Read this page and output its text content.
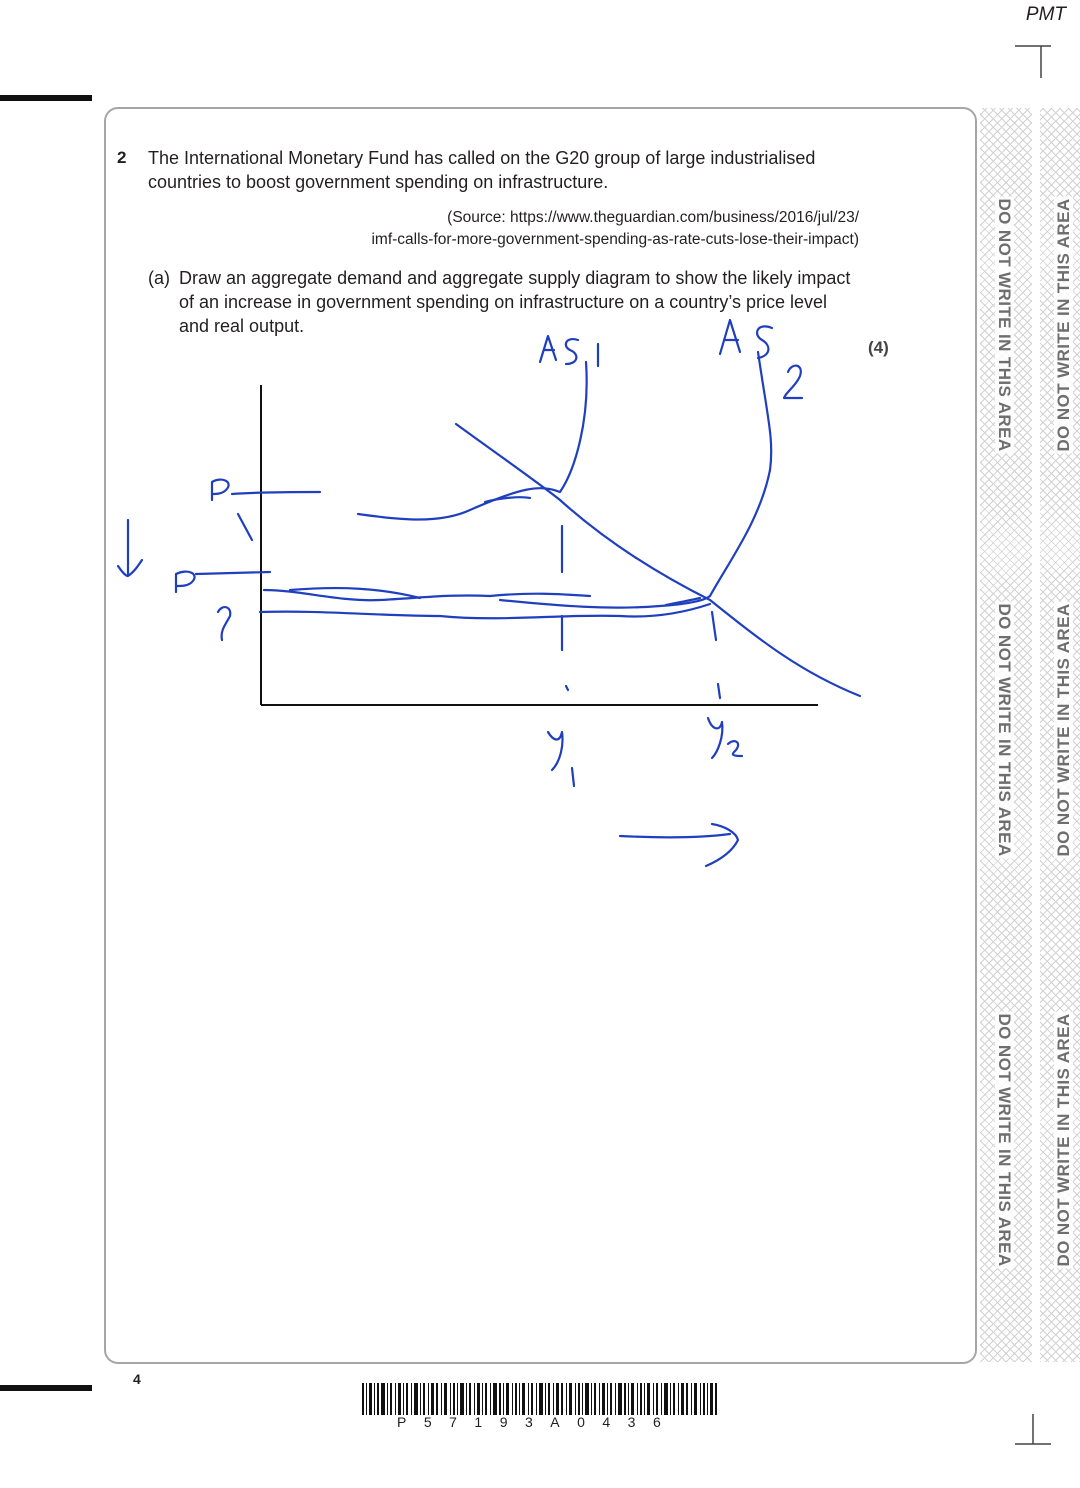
PMT
DO NOT WRITE IN THIS AREA
DO NOT WRITE IN THIS AREA
DO NOT WRITE IN THIS AREA
DO NOT WRITE IN THIS AREA
DO NOT WRITE IN THIS AREA
DO NOT WRITE IN THIS AREA
2 The International Monetary Fund has called on the G20 group of large industrialised countries to boost government spending on infrastructure.
(Source: https://www.theguardian.com/business/2016/jul/23/
imf-calls-for-more-government-spending-as-rate-cuts-lose-their-impact)
(a) Draw an aggregate demand and aggregate supply diagram to show the likely impact of an increase in government spending on infrastructure on a country’s price level and real output.
(4)
4
P57193A0436
